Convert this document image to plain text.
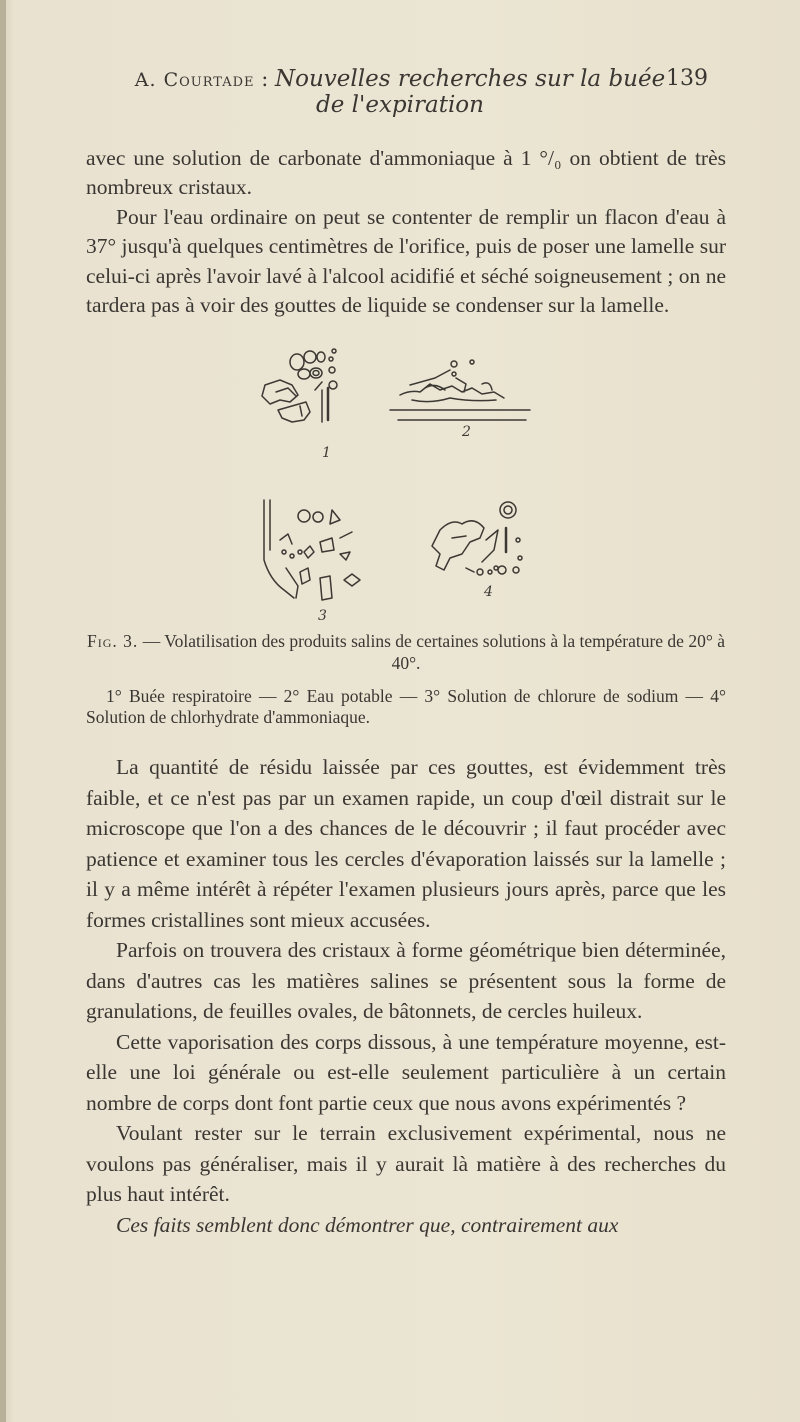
A. Courtade : Nouvelles recherches sur la buée 139
de l'expiration

avec une solution de carbonate d'ammoniaque à 1 °/₀ on obtient de très nombreux cristaux.

Pour l'eau ordinaire on peut se contenter de remplir un flacon d'eau à 37° jusqu'à quelques centimètres de l'orifice, puis de poser une lamelle sur celui-ci après l'avoir lavé à l'alcool acidifié et séché soigneusement ; on ne tardera pas à voir des gouttes de liquide se condenser sur la lamelle.

1
2
3
4
Fig. 3. — Volatilisation des produits salins de certaines solutions à la température de 20° à 40°.
1° Buée respiratoire — 2° Eau potable — 3° Solution de chlorure de sodium — 4° Solution de chlorhydrate d'ammoniaque.

La quantité de résidu laissée par ces gouttes, est évidemment très faible, et ce n'est pas par un examen rapide, un coup d'œil distrait sur le microscope que l'on a des chances de le découvrir ; il faut procéder avec patience et examiner tous les cercles d'évaporation laissés sur la lamelle ; il y a même intérêt à répéter l'examen plusieurs jours après, parce que les formes cristallines sont mieux accusées.

Parfois on trouvera des cristaux à forme géométrique bien déterminée, dans d'autres cas les matières salines se présentent sous la forme de granulations, de feuilles ovales, de bâtonnets, de cercles huileux.

Cette vaporisation des corps dissous, à une température moyenne, est-elle une loi générale ou est-elle seulement particulière à un certain nombre de corps dont font partie ceux que nous avons expérimentés ?

Voulant rester sur le terrain exclusivement expérimental, nous ne voulons pas généraliser, mais il y aurait là matière à des recherches du plus haut intérêt.

Ces faits semblent donc démontrer que, contrairement aux
